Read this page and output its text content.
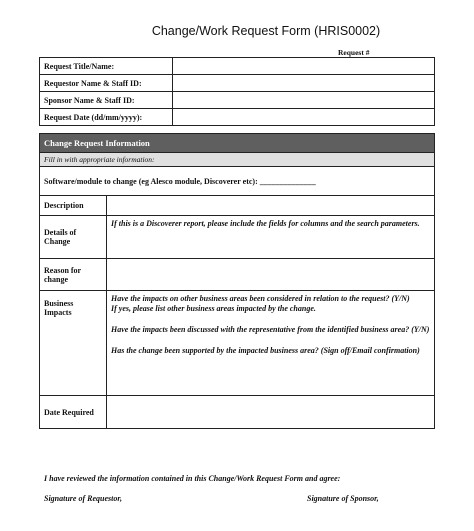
Change/Work Request Form (HRIS0002)
Request #
Request Title/Name:	
Requestor Name & Staff ID:	
Sponsor Name & Staff ID:	
Request Date (dd/mm/yyyy):	
Change Request Information	
Fill in with appropriate information:	
Software/module to change (eg Alesco module, Discoverer etc): ______________	
Description	
Details of Change	If this is a Discoverer report, please include the fields for columns and the search parameters.
Reason for change	
Business Impacts	Have the impacts on other business areas been considered in relation to the request? (Y/N)
If yes, please list other business areas impacted by the change.
Have the impacts been discussed with the representative from the identified business area? (Y/N)
Has the change been supported by the impacted business area? (Sign off/Email confirmation)

Date Required	
I have reviewed the information contained in this Change/Work Request Form and agree:
Signature of Requestor,	Signature of Sponsor,
